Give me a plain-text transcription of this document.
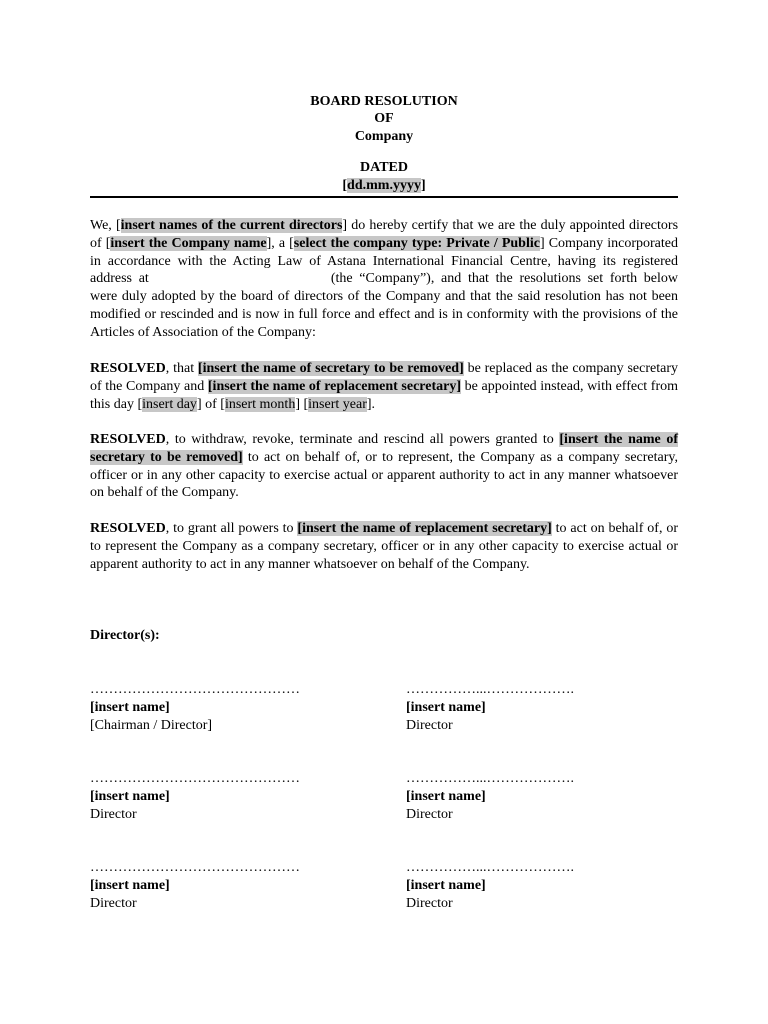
BOARD RESOLUTION
OF
Company
DATED
[dd.mm.yyyy]
We, [insert names of the current directors] do hereby certify that we are the duly appointed directors of [insert the Company name], a [select the company type: Private / Public] Company incorporated in accordance with the Acting Law of Astana International Financial Centre, having its registered address at	(the “Company”), and that the resolutions set forth below were duly adopted by the board of directors of the Company and that the said resolution has not been modified or rescinded and is now in full force and effect and is in conformity with the provisions of the Articles of Association of the Company:
RESOLVED, that [insert the name of secretary to be removed] be replaced as the company secretary of the Company and [insert the name of replacement secretary] be appointed instead, with effect from this day [insert day] of [insert month] [insert year].
RESOLVED, to withdraw, revoke, terminate and rescind all powers granted to [insert the name of secretary to be removed] to act on behalf of, or to represent, the Company as a company secretary, officer or in any other capacity to exercise actual or apparent authority to act in any manner whatsoever on behalf of the Company.
RESOLVED, to grant all powers to [insert the name of replacement secretary] to act on behalf of, or to represent the Company as a company secretary, officer or in any other capacity to exercise actual or apparent authority to act in any manner whatsoever on behalf of the Company.
Director(s):
………………………………………
[insert name]
[Chairman / Director]
……………...……………….
[insert name]
Director
………………………………………
[insert name]
Director
……………...……………….
[insert name]
Director
………………………………………
[insert name]
Director
……………...……………….
[insert name]
Director
